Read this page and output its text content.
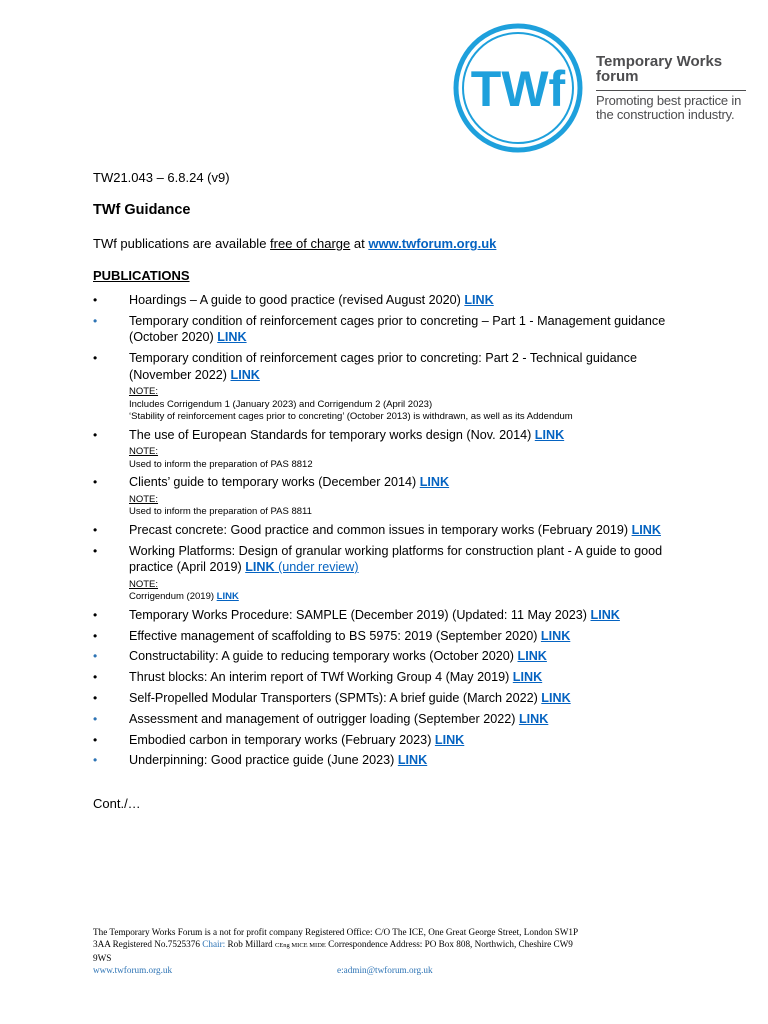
TWf Temporary Works
forum
Promoting best practice in
the construction industry.
TW21.043 – 6.8.24 (v9)
TWf Guidance
TWf publications are available free of charge at www.twforum.org.uk
PUBLICATIONS
•	Hoardings – A guide to good practice (revised August 2020) LINK
•	Temporary condition of reinforcement cages prior to concreting – Part 1 - Management guidance (October 2020) LINK
•	Temporary condition of reinforcement cages prior to concreting: Part 2 - Technical guidance (November 2022) LINK
NOTE:
Includes Corrigendum 1 (January 2023) and Corrigendum 2 (April 2023)
‘Stability of reinforcement cages prior to concreting’ (October 2013) is withdrawn, as well as its Addendum
•	The use of European Standards for temporary works design (Nov. 2014) LINK
NOTE:
Used to inform the preparation of PAS 8812
•	Clients’ guide to temporary works (December 2014) LINK
NOTE:
Used to inform the preparation of PAS 8811
•	Precast concrete: Good practice and common issues in temporary works (February 2019) LINK
•	Working Platforms: Design of granular working platforms for construction plant - A guide to good practice (April 2019) LINK (under review)
NOTE:
Corrigendum (2019) LINK
•	Temporary Works Procedure: SAMPLE (December 2019) (Updated: 11 May 2023) LINK
•	Effective management of scaffolding to BS 5975: 2019 (September 2020) LINK
•	Constructability: A guide to reducing temporary works (October 2020) LINK
•	Thrust blocks: An interim report of TWf Working Group 4 (May 2019) LINK
•	Self-Propelled Modular Transporters (SPMTs): A brief guide (March 2022) LINK
•	Assessment and management of outrigger loading (September 2022) LINK
•	Embodied carbon in temporary works (February 2023) LINK
•	Underpinning: Good practice guide (June 2023) LINK
Cont./…
The Temporary Works Forum is a not for profit company Registered Office: C/O The ICE, One Great George Street, London SW1P
3AA Registered No.7525376 Chair: Rob Millard CEng MICE MIDE Correspondence Address: PO Box 808, Northwich, Cheshire CW9
9WS
www.twforum.org.uk	e:admin@twforum.org.uk
